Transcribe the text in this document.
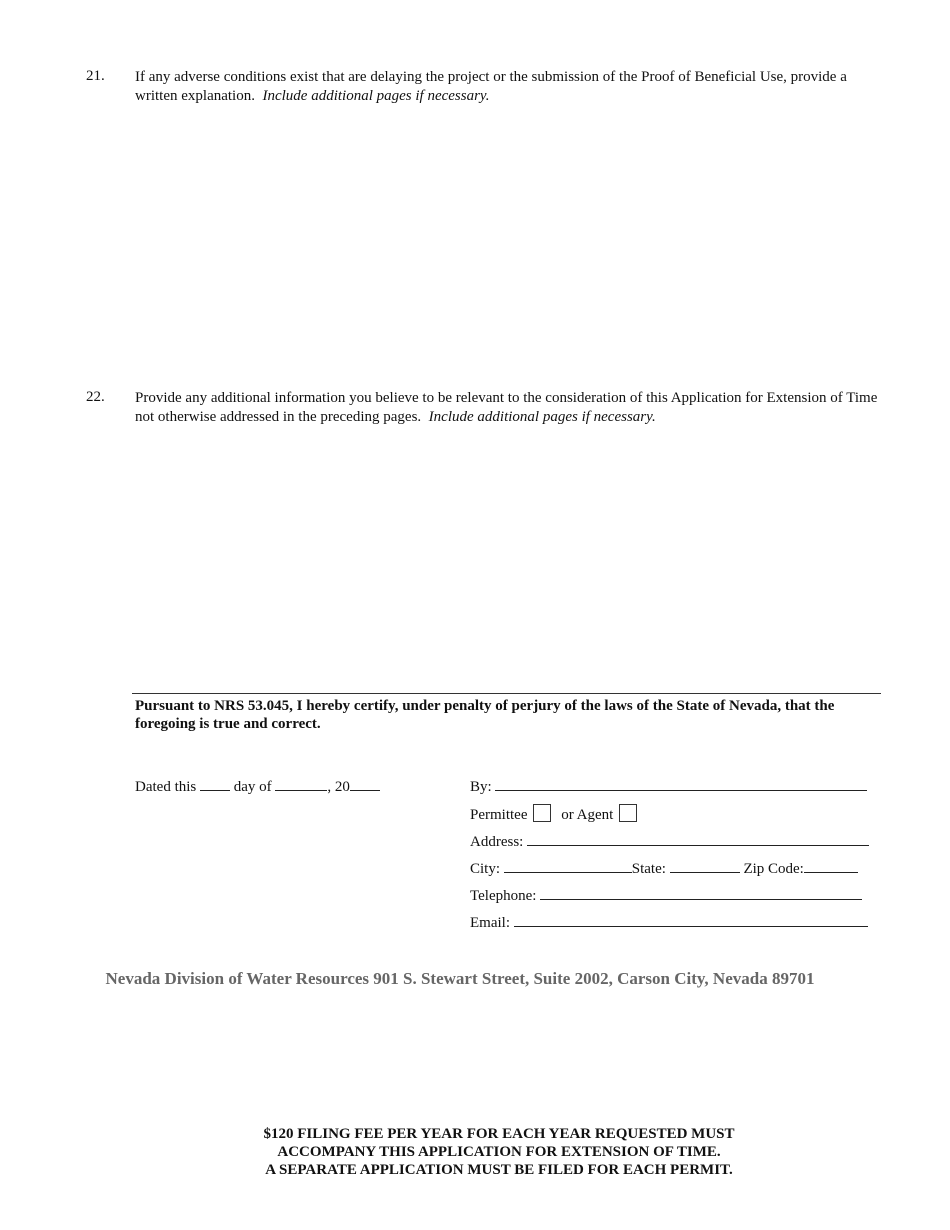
21.	If any adverse conditions exist that are delaying the project or the submission of the Proof of Beneficial Use, provide a written explanation. Include additional pages if necessary.
22.	Provide any additional information you believe to be relevant to the consideration of this Application for Extension of Time not otherwise addressed in the preceding pages. Include additional pages if necessary.
Pursuant to NRS 53.045, I hereby certify, under penalty of perjury of the laws of the State of Nevada, that the foregoing is true and correct.
Dated this	day of	, 20	By:
Permittee or Agent
Address:
City:	State:	Zip Code:
Telephone:
Email:
Nevada Division of Water Resources 901 S. Stewart Street, Suite 2002, Carson City, Nevada 89701
$120 FILING FEE PER YEAR FOR EACH YEAR REQUESTED MUST
ACCOMPANY THIS APPLICATION FOR EXTENSION OF TIME.
A SEPARATE APPLICATION MUST BE FILED FOR EACH PERMIT.
